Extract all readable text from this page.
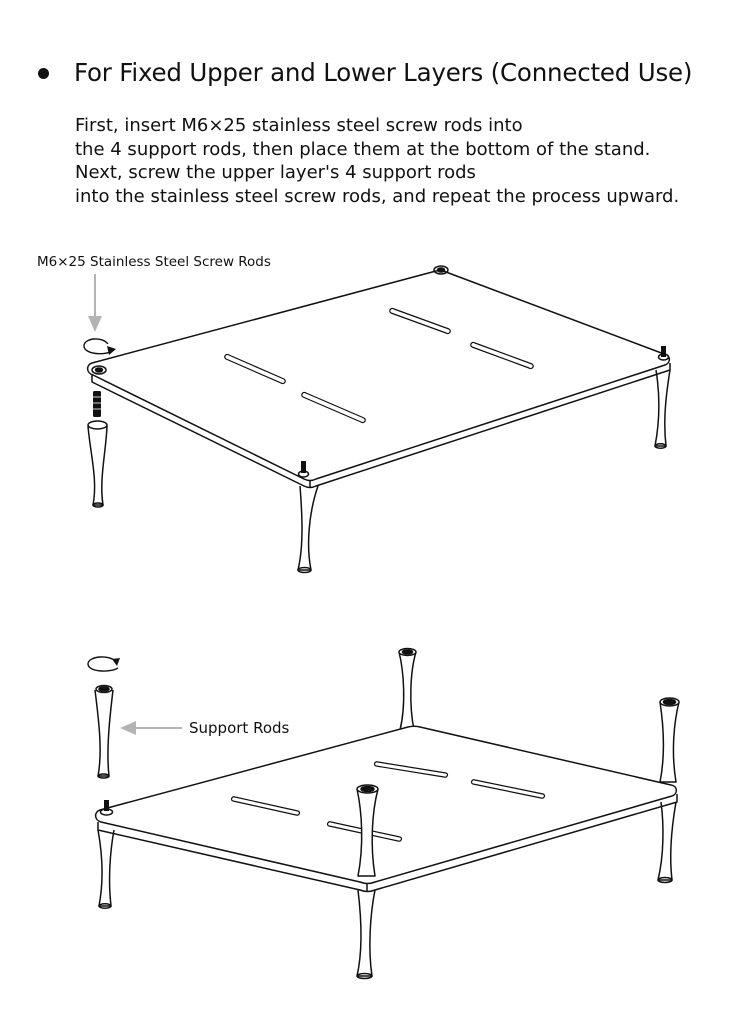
For Fixed Upper and Lower Layers (Connected Use)
First, insert M6×25 stainless steel screw rods into
the 4 support rods, then place them at the bottom of the stand.
Next, screw the upper layer's 4 support rods
into the stainless steel screw rods, and repeat the process upward.
M6×25 Stainless Steel Screw Rods
Support Rods
